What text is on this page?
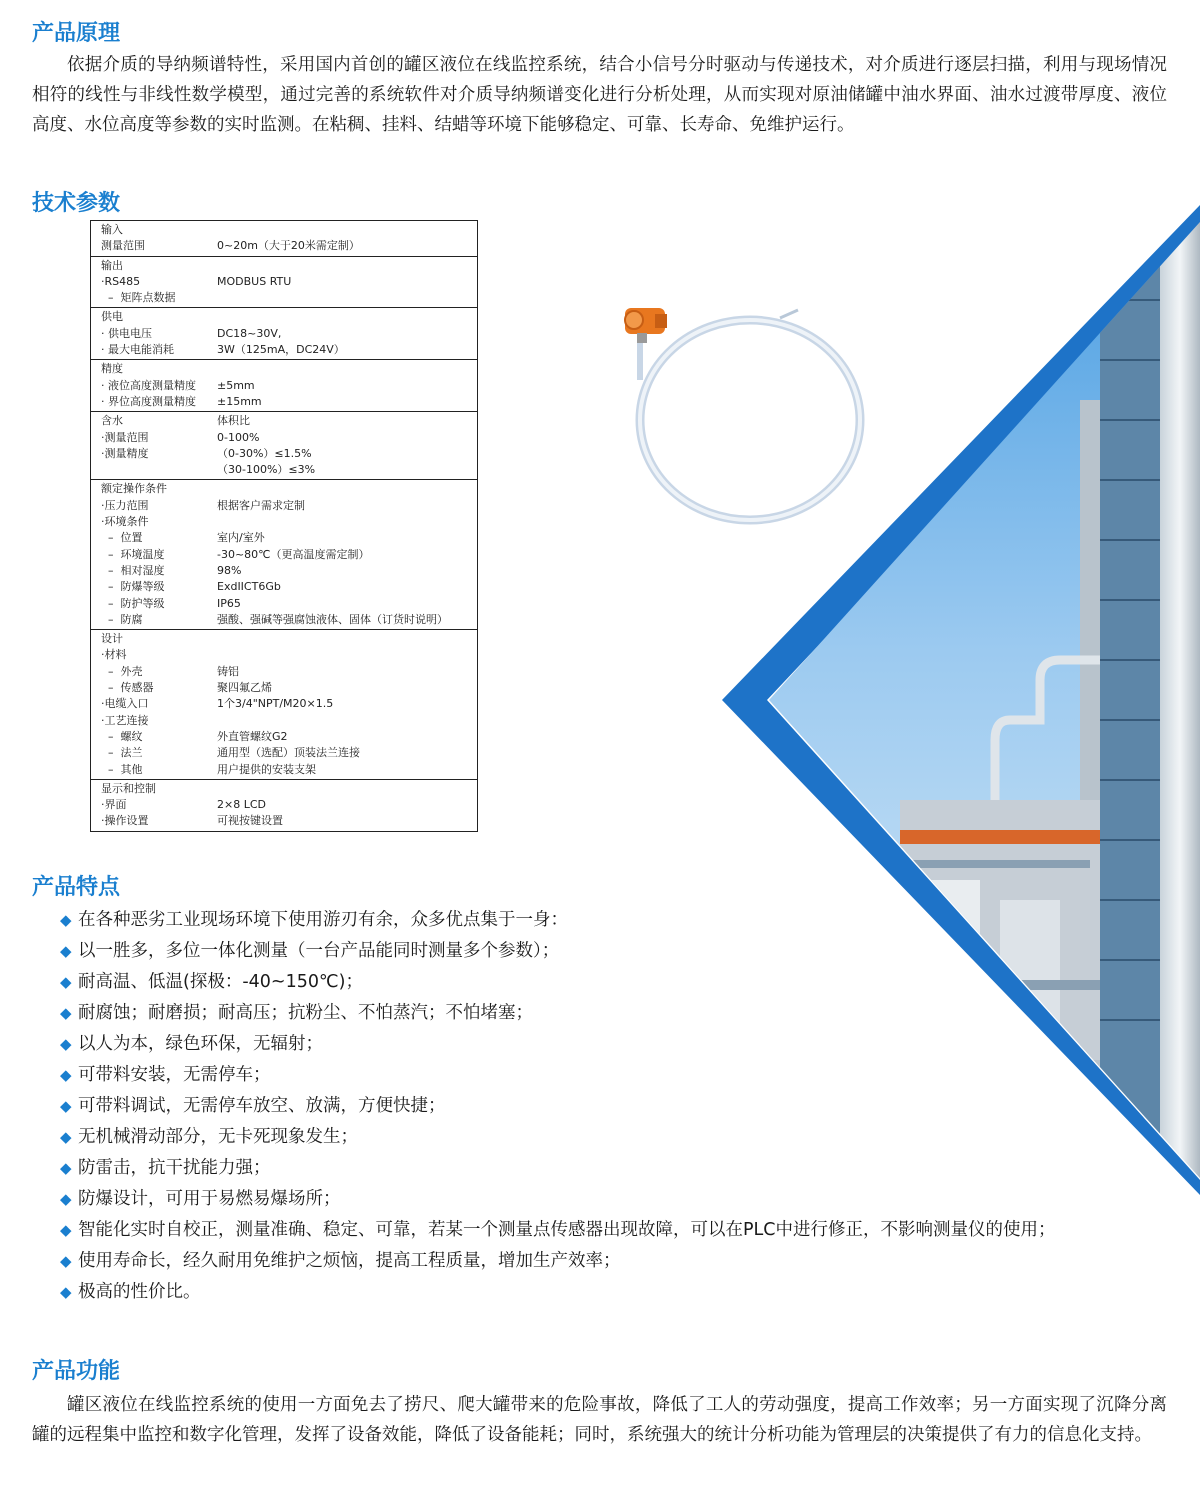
产品原理

依据介质的导纳频谱特性，采用国内首创的罐区液位在线监控系统，结合小信号分时驱动与传递技术，对介质进行逐层扫描，利用与现场情况相符的线性与非线性数学模型，通过完善的系统软件对介质导纳频谱变化进行分析处理，从而实现对原油储罐中油水界面、油水过渡带厚度、液位高度、水位高度等参数的实时监测。在粘稠、挂料、结蜡等环境下能够稳定、可靠、长寿命、免维护运行。

技术参数
输入
测量范围	0~20m（大于20米需定制）
输出
·RS485	MODBUS RTU
–  矩阵点数据
供电
· 供电电压	DC18~30V,
· 最大电能消耗	3W（125mA，DC24V）
精度
· 液位高度测量精度	±5mm
· 界位高度测量精度	±15mm
含水	体积比
·测量范围	0-100%
·测量精度	（0-30%）≤1.5%
（30-100%）≤3%
额定操作条件
·压力范围	根据客户需求定制
·环境条件
–  位置	室内/室外
–  环境温度	-30~80℃（更高温度需定制）
–  相对湿度	98%
–  防爆等级	ExdIICT6Gb
–  防护等级	IP65
–  防腐	强酸、强碱等强腐蚀液体、固体（订货时说明）
设计
·材料
–  外壳	铸铝
–  传感器	聚四氟乙烯
·电缆入口	1个3/4"NPT/M20×1.5
·工艺连接
–  螺纹	外直管螺纹G2
–  法兰	通用型（选配）顶装法兰连接
–  其他	用户提供的安装支架
显示和控制
·界面	2×8 LCD
·操作设置	可视按键设置
产品特点
◆ 在各种恶劣工业现场环境下使用游刃有余，众多优点集于一身：
◆ 以一胜多，多位一体化测量（一台产品能同时测量多个参数）；
◆ 耐高温、低温(探极：-40~150℃)；
◆ 耐腐蚀；耐磨损；耐高压；抗粉尘、不怕蒸汽；不怕堵塞；
◆ 以人为本，绿色环保，无辐射；
◆ 可带料安装，无需停车；
◆ 可带料调试，无需停车放空、放满，方便快捷；
◆ 无机械滑动部分，无卡死现象发生；
◆ 防雷击，抗干扰能力强；
◆ 防爆设计，可用于易燃易爆场所；
◆ 智能化实时自校正，测量准确、稳定、可靠，若某一个测量点传感器出现故障，可以在PLC中进行修正，不影响测量仪的使用；
◆ 使用寿命长，经久耐用免维护之烦恼，提高工程质量，增加生产效率；
◆ 极高的性价比。
产品功能

罐区液位在线监控系统的使用一方面免去了捞尺、爬大罐带来的危险事故，降低了工人的劳动强度，提高工作效率；另一方面实现了沉降分离罐的远程集中监控和数字化管理，发挥了设备效能，降低了设备能耗；同时，系统强大的统计分析功能为管理层的决策提供了有力的信息化支持。
